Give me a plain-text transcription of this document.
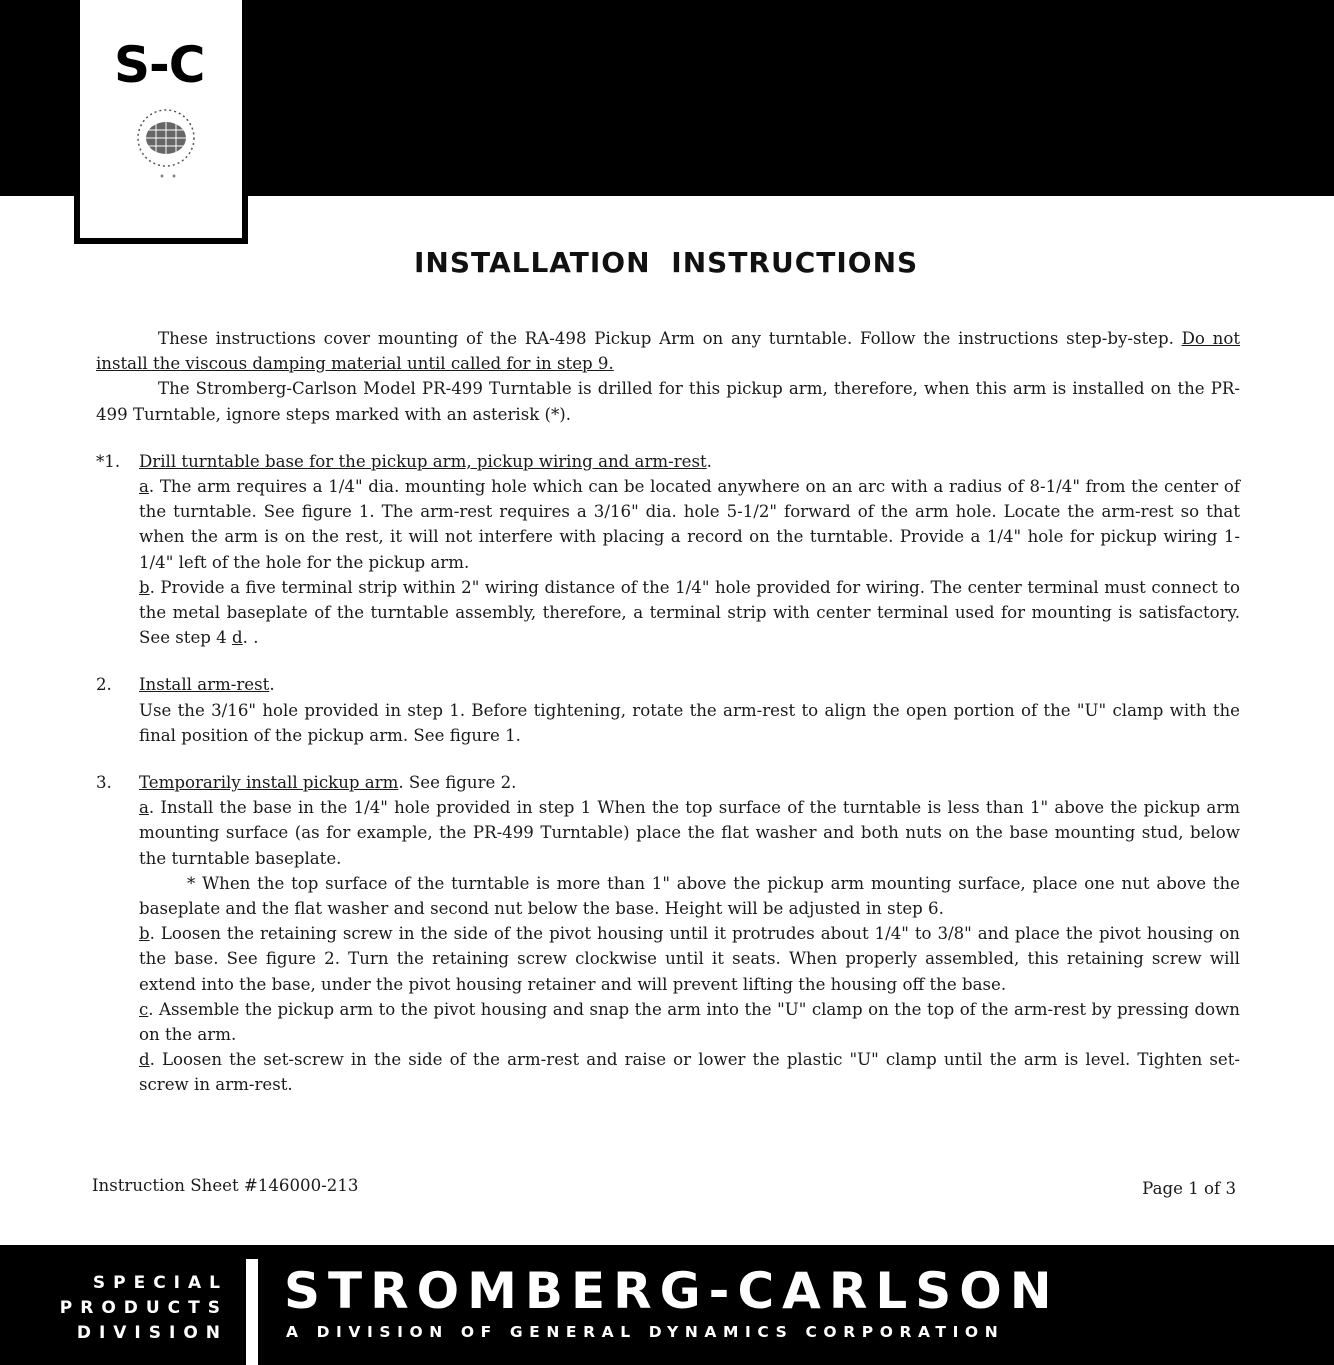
S-C
INSTALLATION INSTRUCTIONS

These instructions cover mounting of the RA-498 Pickup Arm on any turntable. Follow the instructions step-by-step. Do not install the viscous damping material until called for in step 9.

The Stromberg-Carlson Model PR-499 Turntable is drilled for this pickup arm, therefore, when this arm is installed on the PR-499 Turntable, ignore steps marked with an asterisk (*).

*1. Drill turntable base for the pickup arm, pickup wiring and arm-rest.

a. The arm requires a 1/4" dia. mounting hole which can be located anywhere on an arc with a radius of 8-1/4" from the center of the turntable. See figure 1. The arm-rest requires a 3/16" dia. hole 5-1/2" forward of the arm hole. Locate the arm-rest so that when the arm is on the rest, it will not interfere with placing a record on the turntable. Provide a 1/4" hole for pickup wiring 1-1/4" left of the hole for the pickup arm.

b. Provide a five terminal strip within 2" wiring distance of the 1/4" hole provided for wiring. The center terminal must connect to the metal baseplate of the turntable assembly, therefore, a terminal strip with center terminal used for mounting is satisfactory. See step 4 d. .

2. Install arm-rest.

Use the 3/16" hole provided in step 1. Before tightening, rotate the arm-rest to align the open portion of the "U" clamp with the final position of the pickup arm. See figure 1.

3. Temporarily install pickup arm. See figure 2.

a. Install the base in the 1/4" hole provided in step 1 When the top surface of the turntable is less than 1" above the pickup arm mounting surface (as for example, the PR-499 Turntable) place the flat washer and both nuts on the base mounting stud, below the turntable baseplate.

* When the top surface of the turntable is more than 1" above the pickup arm mounting surface, place one nut above the baseplate and the flat washer and second nut below the base. Height will be adjusted in step 6.

b. Loosen the retaining screw in the side of the pivot housing until it protrudes about 1/4" to 3/8" and place the pivot housing on the base. See figure 2. Turn the retaining screw clockwise until it seats. When properly assembled, this retaining screw will extend into the base, under the pivot housing retainer and will prevent lifting the housing off the base.

c. Assemble the pickup arm to the pivot housing and snap the arm into the "U" clamp on the top of the arm-rest by pressing down on the arm.

d. Loosen the set-screw in the side of the arm-rest and raise or lower the plastic "U" clamp until the arm is level. Tighten set-screw in arm-rest.

Instruction Sheet #146000-213	Page 1 of 3
SPECIAL
PRODUCTS
DIVISION
STROMBERG-CARLSON
A DIVISION OF GENERAL DYNAMICS CORPORATION
